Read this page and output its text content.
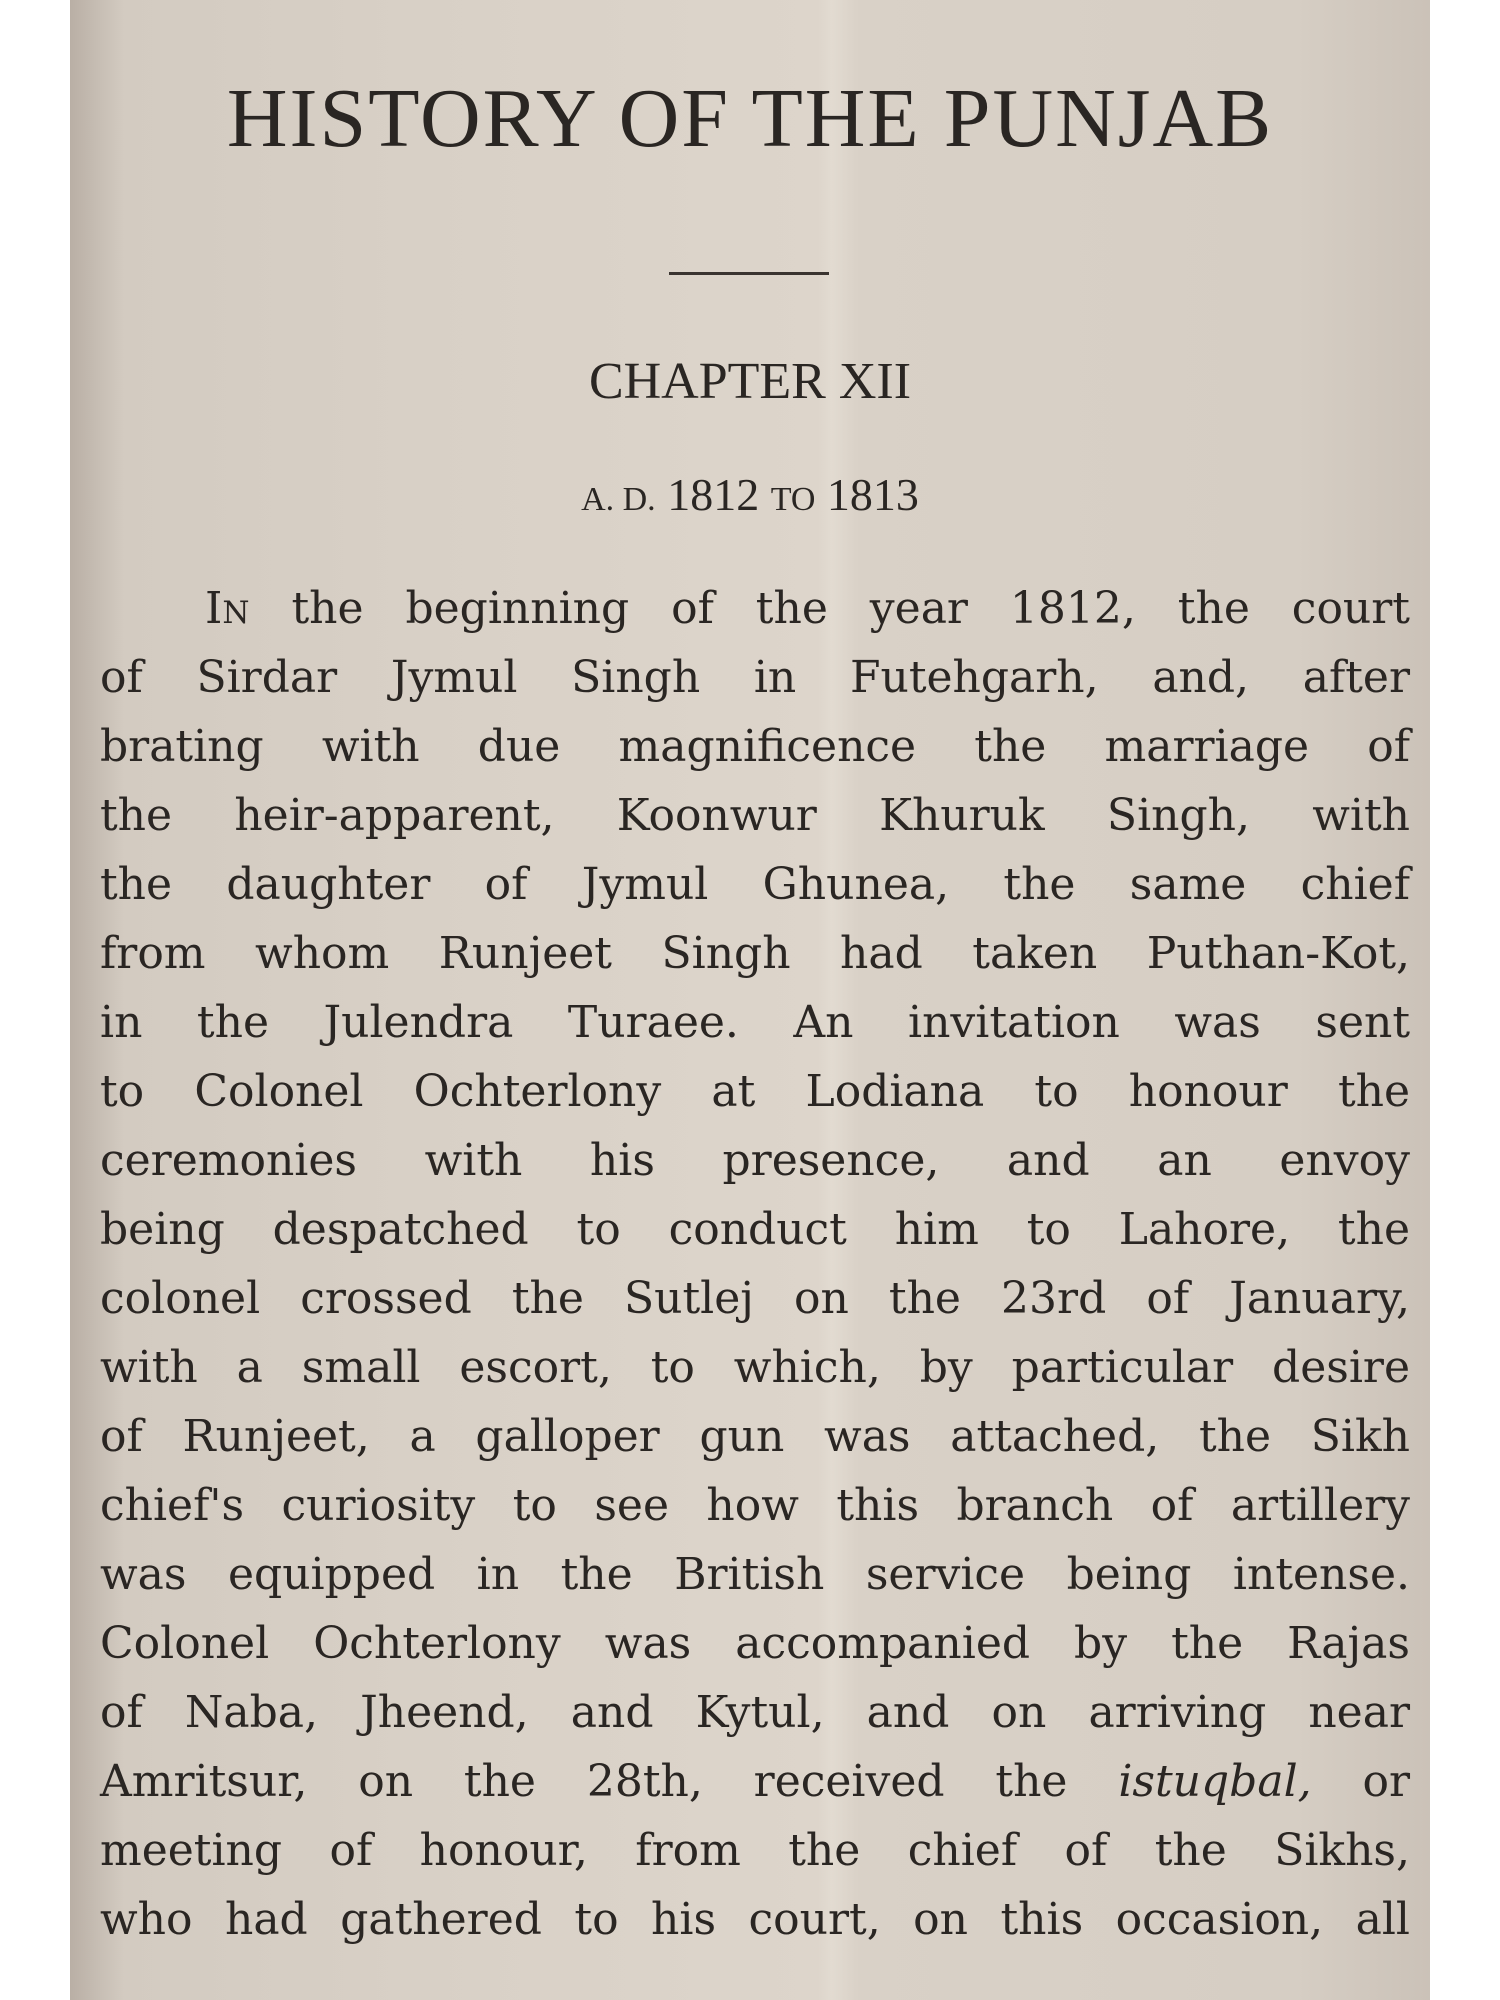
HISTORY OF THE PUNJAB
CHAPTER XII
A. D. 1812 TO 1813
In the beginning of the year 1812, the court
of Sirdar Jymul Singh in Futehgarh, and, after
brating with due magnificence the marriage of
the heir-apparent, Koonwur Khuruk Singh, with
the daughter of Jymul Ghunea, the same chief
from whom Runjeet Singh had taken Puthan-Kot,
in the Julendra Turaee. An invitation was sent
to Colonel Ochterlony at Lodiana to honour the
ceremonies with his presence, and an envoy
being despatched to conduct him to Lahore, the
colonel crossed the Sutlej on the 23rd of January,
with a small escort, to which, by particular desire
of Runjeet, a galloper gun was attached, the Sikh
chief's curiosity to see how this branch of artillery
was equipped in the British service being intense.
Colonel Ochterlony was accompanied by the Rajas
of Naba, Jheend, and Kytul, and on arriving near
Amritsur, on the 28th, received the istuqbal, or
meeting of honour, from the chief of the Sikhs,
who had gathered to his court, on this occasion, all
